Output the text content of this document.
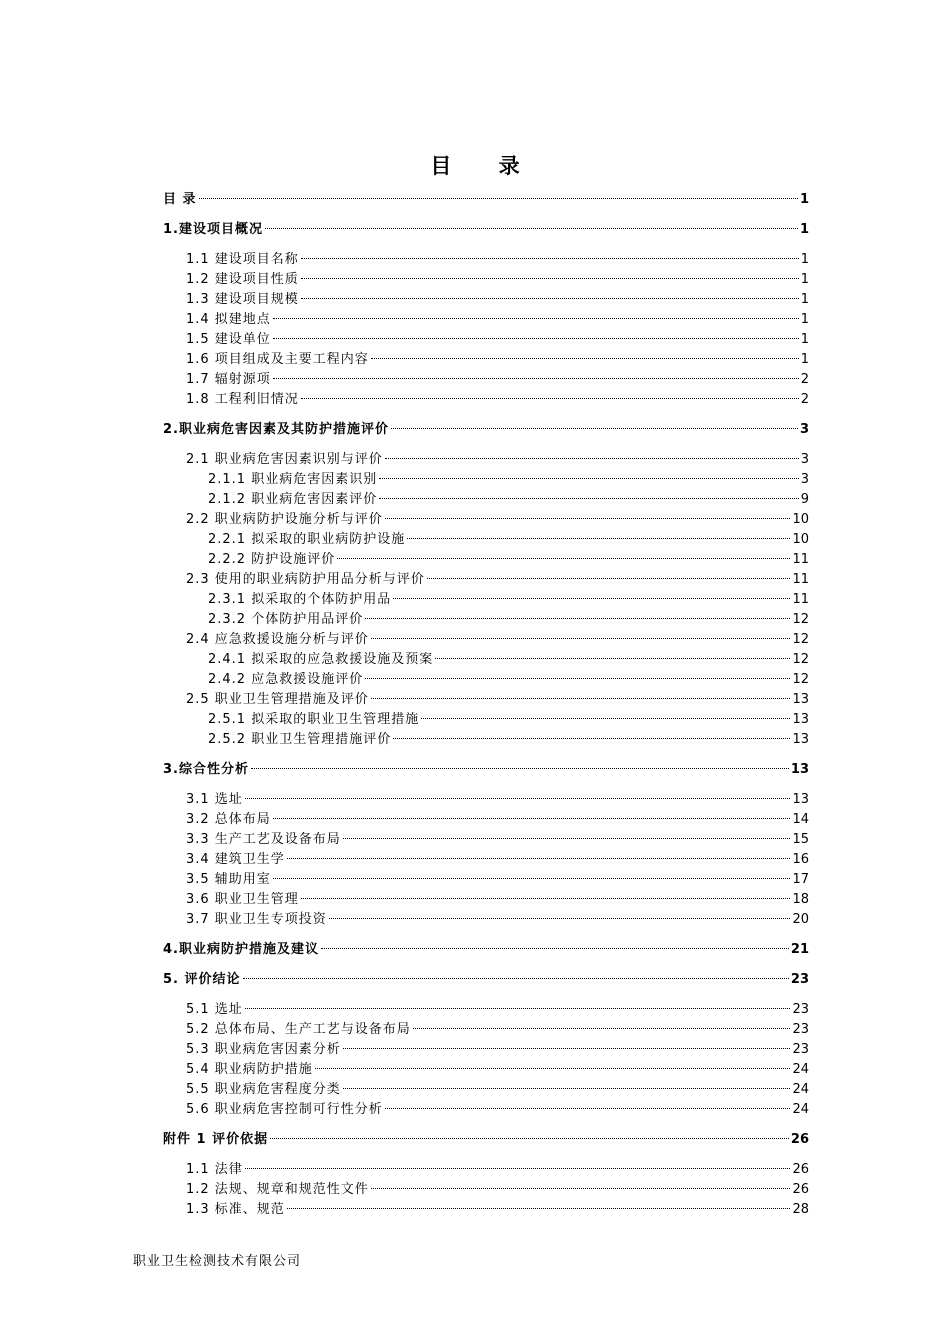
目 录
目 录	1
1.建设项目概况	1
1.1 建设项目名称	1
1.2 建设项目性质	1
1.3 建设项目规模	1
1.4 拟建地点	1
1.5 建设单位	1
1.6 项目组成及主要工程内容	1
1.7 辐射源项	2
1.8 工程利旧情况	2
2.职业病危害因素及其防护措施评价	3
2.1 职业病危害因素识别与评价	3
2.1.1 职业病危害因素识别	3
2.1.2 职业病危害因素评价	9
2.2 职业病防护设施分析与评价	10
2.2.1 拟采取的职业病防护设施	10
2.2.2 防护设施评价	11
2.3 使用的职业病防护用品分析与评价	11
2.3.1 拟采取的个体防护用品	11
2.3.2 个体防护用品评价	12
2.4 应急救援设施分析与评价	12
2.4.1 拟采取的应急救援设施及预案	12
2.4.2 应急救援设施评价	12
2.5 职业卫生管理措施及评价	13
2.5.1 拟采取的职业卫生管理措施	13
2.5.2 职业卫生管理措施评价	13
3.综合性分析	13
3.1 选址	13
3.2 总体布局	14
3.3 生产工艺及设备布局	15
3.4 建筑卫生学	16
3.5 辅助用室	17
3.6 职业卫生管理	18
3.7 职业卫生专项投资	20
4.职业病防护措施及建议	21
5. 评价结论	23
5.1 选址	23
5.2 总体布局、生产工艺与设备布局	23
5.3 职业病危害因素分析	23
5.4 职业病防护措施	24
5.5 职业病危害程度分类	24
5.6 职业病危害控制可行性分析	24
附件 1 评价依据	26
1.1 法律	26
1.2 法规、规章和规范性文件	26
1.3 标准、规范	28
职业卫生检测技术有限公司
